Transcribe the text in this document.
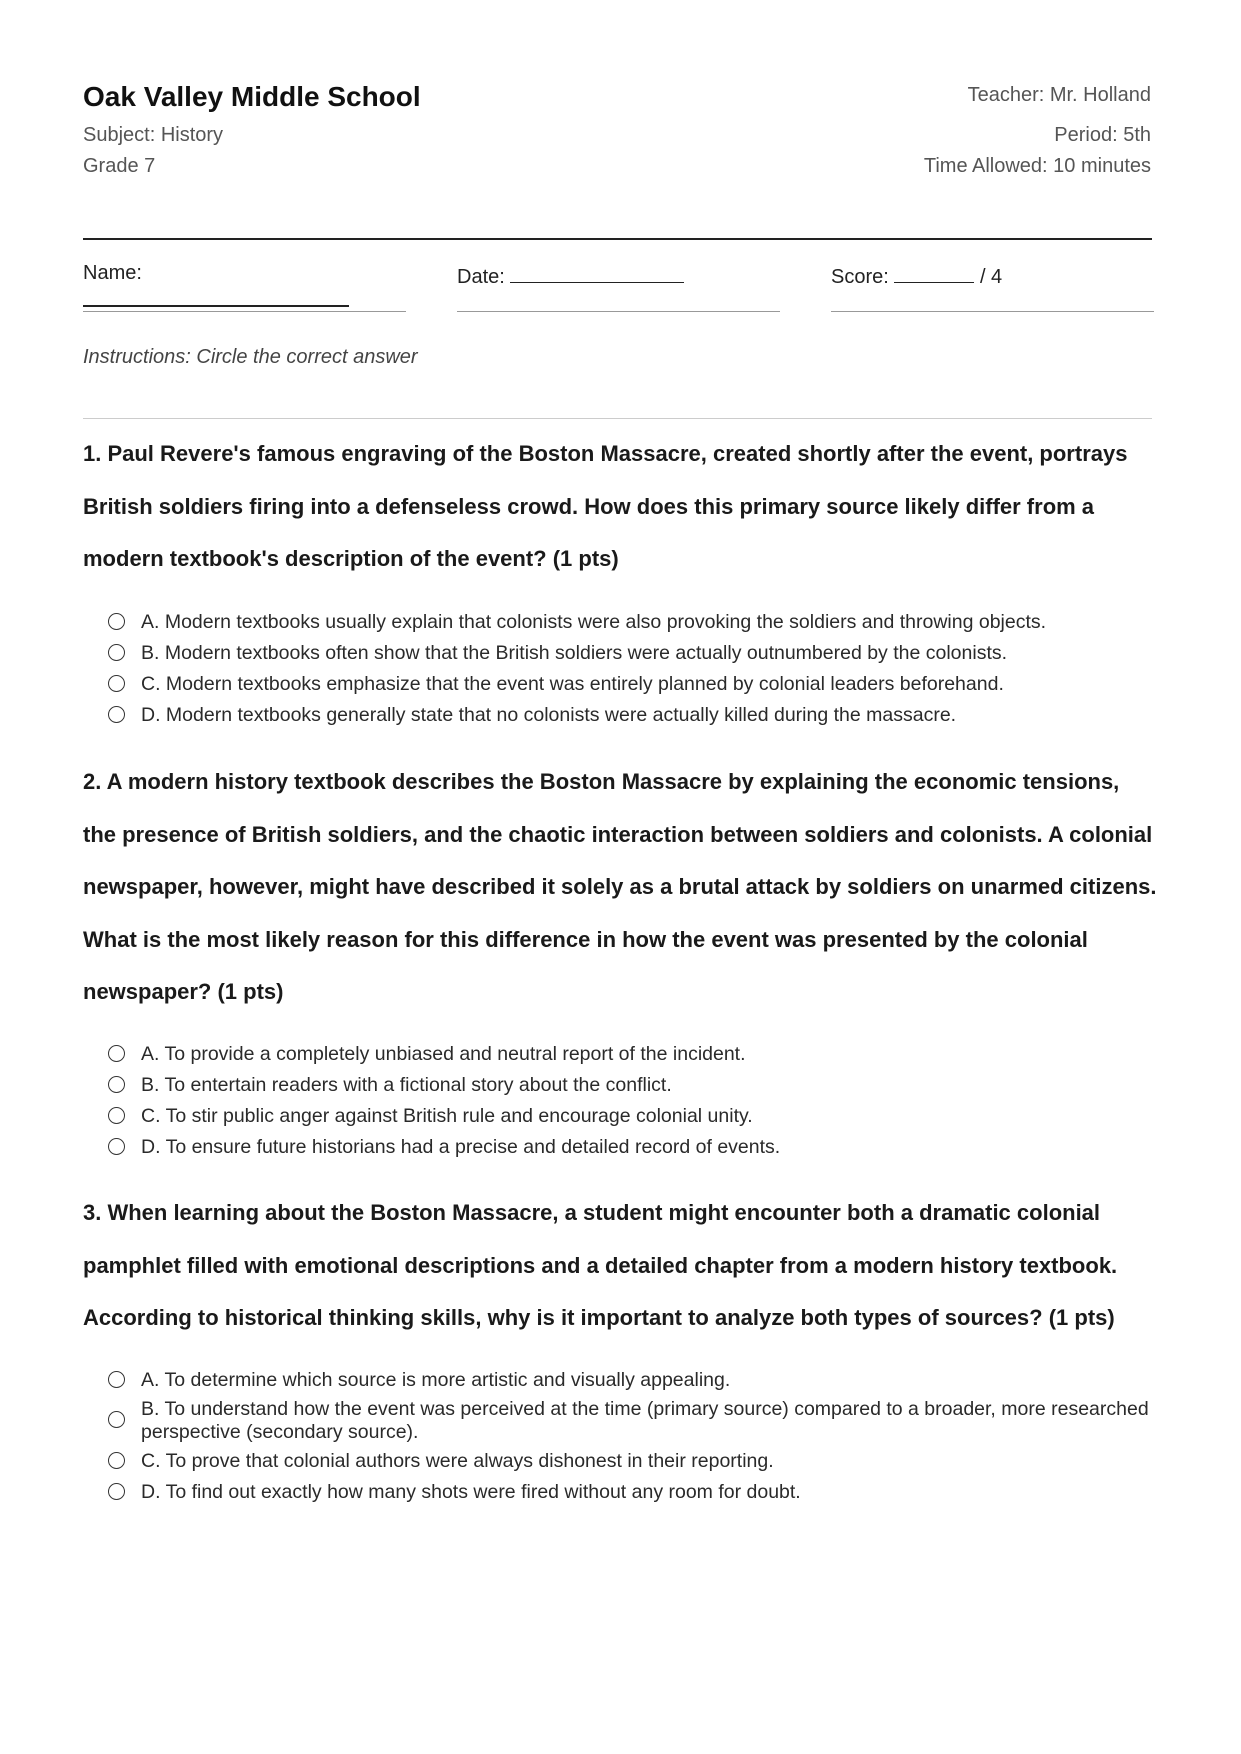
Oak Valley Middle School
Subject: History
Grade 7
Teacher: Mr. Holland
Period: 5th
Time Allowed: 10 minutes
Name:	Date:	Score:	/ 4
Instructions: Circle the correct answer
1. Paul Revere's famous engraving of the Boston Massacre, created shortly after the event, portrays British soldiers firing into a defenseless crowd. How does this primary source likely differ from a modern textbook's description of the event? (1 pts)
A. Modern textbooks usually explain that colonists were also provoking the soldiers and throwing objects.
B. Modern textbooks often show that the British soldiers were actually outnumbered by the colonists.
C. Modern textbooks emphasize that the event was entirely planned by colonial leaders beforehand.
D. Modern textbooks generally state that no colonists were actually killed during the massacre.
2. A modern history textbook describes the Boston Massacre by explaining the economic tensions, the presence of British soldiers, and the chaotic interaction between soldiers and colonists. A colonial newspaper, however, might have described it solely as a brutal attack by soldiers on unarmed citizens. What is the most likely reason for this difference in how the event was presented by the colonial newspaper? (1 pts)
A. To provide a completely unbiased and neutral report of the incident.
B. To entertain readers with a fictional story about the conflict.
C. To stir public anger against British rule and encourage colonial unity.
D. To ensure future historians had a precise and detailed record of events.
3. When learning about the Boston Massacre, a student might encounter both a dramatic colonial pamphlet filled with emotional descriptions and a detailed chapter from a modern history textbook. According to historical thinking skills, why is it important to analyze both types of sources? (1 pts)
A. To determine which source is more artistic and visually appealing.
B. To understand how the event was perceived at the time (primary source) compared to a broader, more researched perspective (secondary source).
C. To prove that colonial authors were always dishonest in their reporting.
D. To find out exactly how many shots were fired without any room for doubt.
